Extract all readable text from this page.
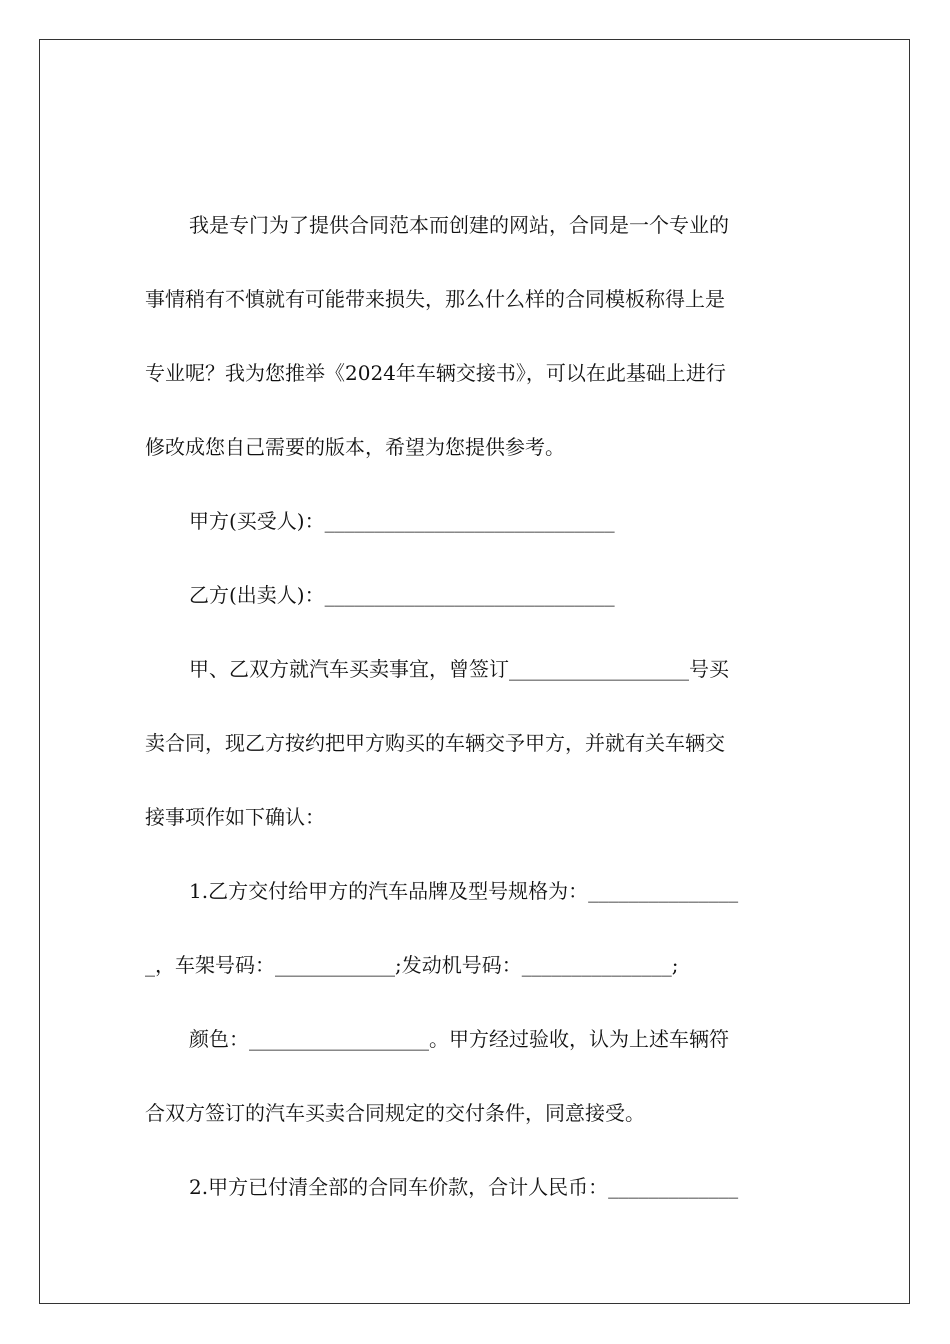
我是专门为了提供合同范本而创建的网站，合同是一个专业的
事情稍有不慎就有可能带来损失，那么什么样的合同模板称得上是
专业呢？我为您推举《2024年车辆交接书》，可以在此基础上进行
修改成您自己需要的版本，希望为您提供参考。
甲方(买受人)：_____________________________
乙方(出卖人)：_____________________________
甲、乙双方就汽车买卖事宜，曾签订__________________号买
卖合同，现乙方按约把甲方购买的车辆交予甲方，并就有关车辆交
接事项作如下确认：
1.乙方交付给甲方的汽车品牌及型号规格为：_______________
_，车架号码：____________;发动机号码：_______________;
颜色：__________________。甲方经过验收，认为上述车辆符
合双方签订的汽车买卖合同规定的交付条件，同意接受。
2.甲方已付清全部的合同车价款，合计人民币：_____________
